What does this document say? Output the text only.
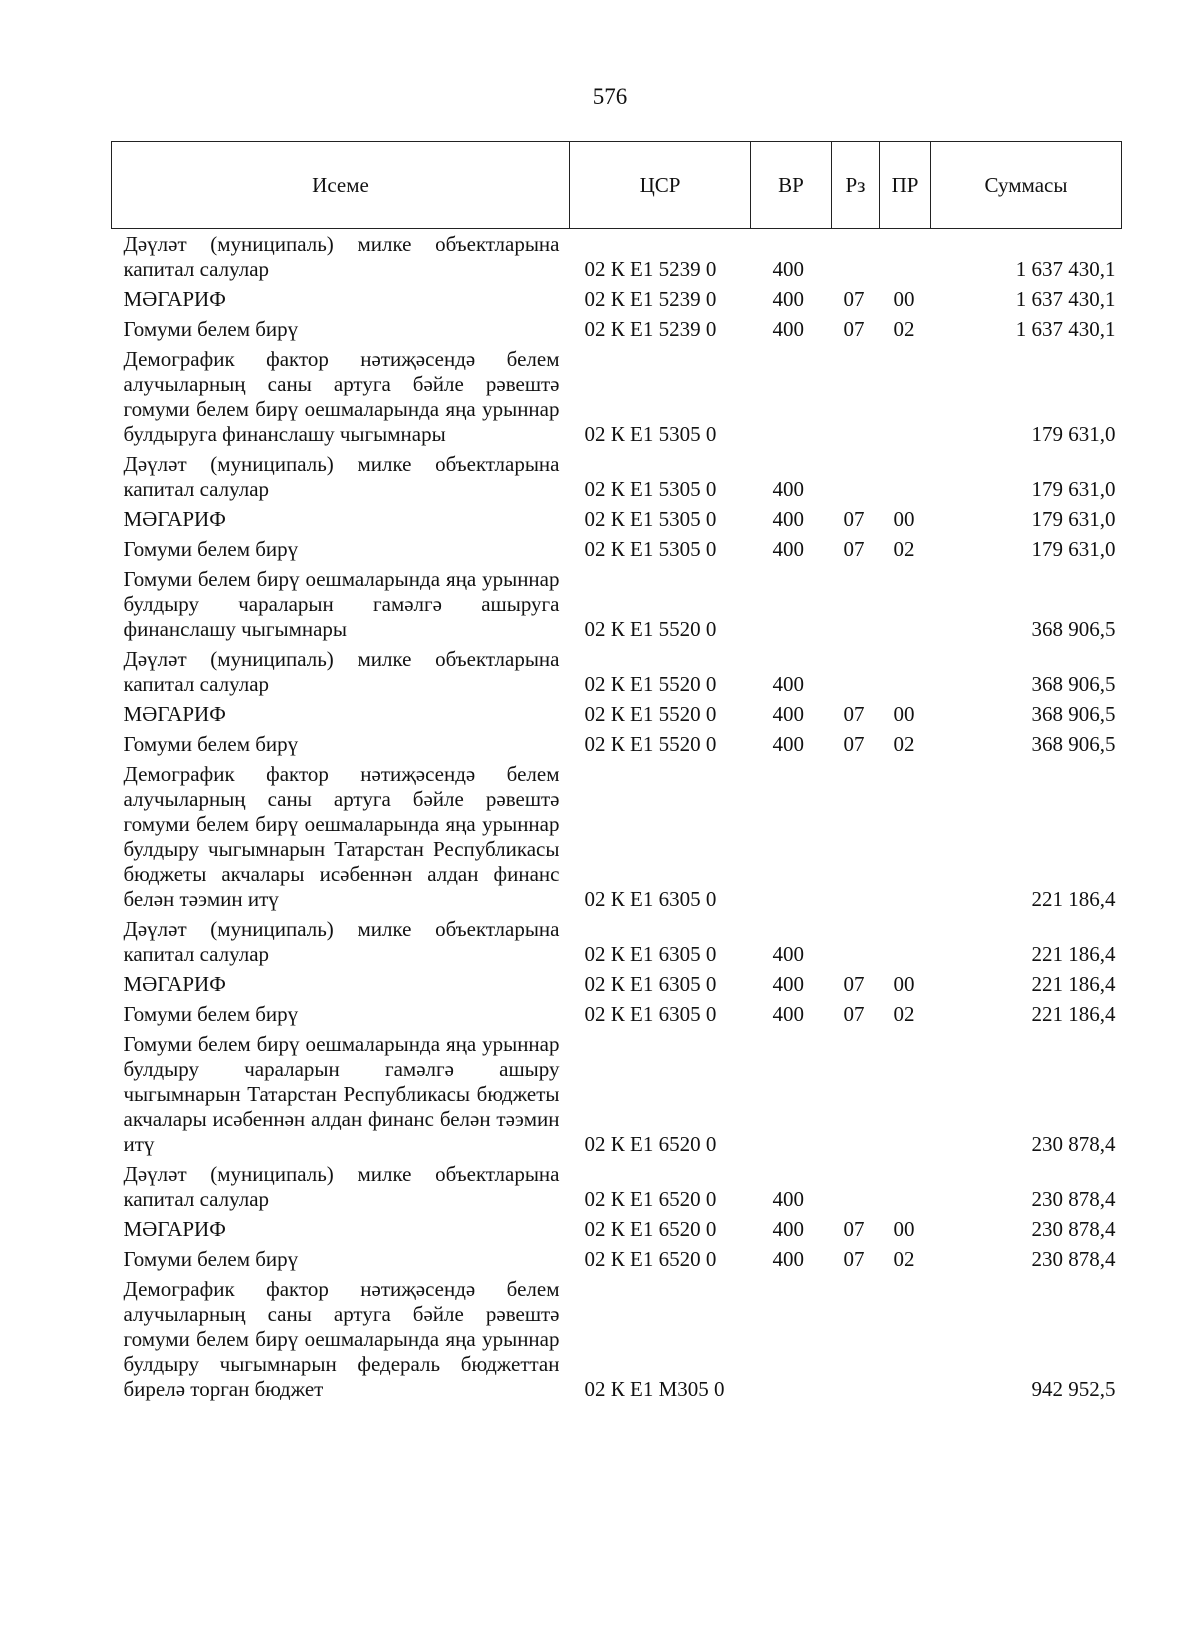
576
Исеме	ЦСР	ВР	Рз	ПР	Суммасы
Дәүләт (муниципаль) милке объектларына капитал салулар	02 К Е1 5239 0	400			1 637 430,1
МӘГАРИФ	02 К Е1 5239 0	400	07	00	1 637 430,1
Гомуми белем бирү	02 К Е1 5239 0	400	07	02	1 637 430,1
Демографик фактор нәтиҗәсендә белем алучыларның саны артуга бәйле рәвештә гомуми белем бирү оешмаларында яңа урыннар булдыруга финанслашу чыгымнары	02 К Е1 5305 0				179 631,0
Дәүләт (муниципаль) милке объектларына капитал салулар	02 К Е1 5305 0	400			179 631,0
МӘГАРИФ	02 К Е1 5305 0	400	07	00	179 631,0
Гомуми белем бирү	02 К Е1 5305 0	400	07	02	179 631,0
Гомуми белем бирү оешмаларында яңа урыннар булдыру чараларын гамәлгә ашыруга финанслашу чыгымнары	02 К Е1 5520 0				368 906,5
Дәүләт (муниципаль) милке объектларына капитал салулар	02 К Е1 5520 0	400			368 906,5
МӘГАРИФ	02 К Е1 5520 0	400	07	00	368 906,5
Гомуми белем бирү	02 К Е1 5520 0	400	07	02	368 906,5
Демографик фактор нәтиҗәсендә белем алучыларның саны артуга бәйле рәвештә гомуми белем бирү оешмаларында яңа урыннар булдыру чыгымнарын Татарстан Республикасы бюджеты акчалары исәбеннән алдан финанс белән тәэмин итү	02 К Е1 6305 0				221 186,4
Дәүләт (муниципаль) милке объектларына капитал салулар	02 К Е1 6305 0	400			221 186,4
МӘГАРИФ	02 К Е1 6305 0	400	07	00	221 186,4
Гомуми белем бирү	02 К Е1 6305 0	400	07	02	221 186,4
Гомуми белем бирү оешмаларында яңа урыннар булдыру чараларын гамәлгә ашыру чыгымнарын Татарстан Республикасы бюджеты акчалары исәбеннән алдан финанс белән тәэмин итү	02 К Е1 6520 0				230 878,4
Дәүләт (муниципаль) милке объектларына капитал салулар	02 К Е1 6520 0	400			230 878,4
МӘГАРИФ	02 К Е1 6520 0	400	07	00	230 878,4
Гомуми белем бирү	02 К Е1 6520 0	400	07	02	230 878,4
Демографик фактор нәтиҗәсендә белем алучыларның саны артуга бәйле рәвештә гомуми белем бирү оешмаларында яңа урыннар булдыру чыгымнарын федераль бюджеттан бирелә торган бюджет	02 К Е1 М305 0				942 952,5
